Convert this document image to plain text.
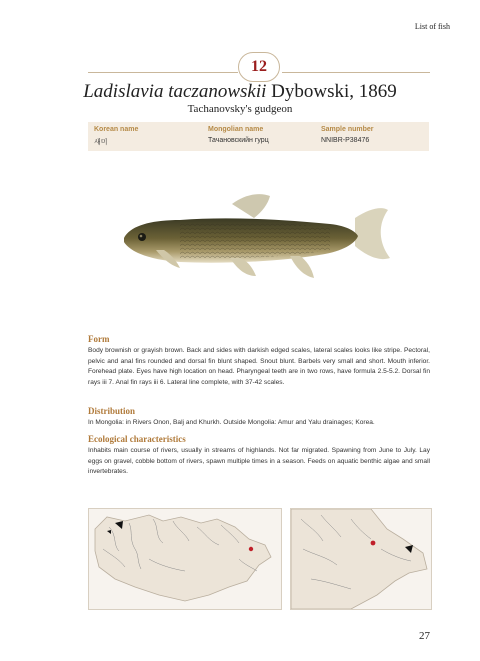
List of fish
12
Ladislavia taczanowskii Dybowski, 1869
Tachanovsky's gudgeon
Korean name
새미
Mongolian name
Тачановскийн гурц
Sample number
NNIBR-P38476
Form
Body brownish or grayish brown. Back and sides with darkish edged scales, lateral scales looks like stripe. Pectoral, pelvic and anal fins rounded and dorsal fin blunt shaped. Snout blunt. Barbels very small and short. Mouth inferior. Forehead plate. Eyes have high location on head. Pharyngeal teeth are in two rows, have formula 2.5-5.2. Dorsal fin rays iii 7. Anal fin rays iii 6. Lateral line complete, with 37-42 scales.
Distribution
In Mongolia: in Rivers Onon, Balj and Khurkh. Outside Mongolia: Amur and Yalu drainages; Korea.
Ecological characteristics
Inhabits main course of rivers, usually in streams of highlands. Not far migrated. Spawning from June to July. Lay eggs on gravel, cobble bottom of rivers, spawn multiple times in a season. Feeds on aquatic benthic algae and small invertebrates.
27
